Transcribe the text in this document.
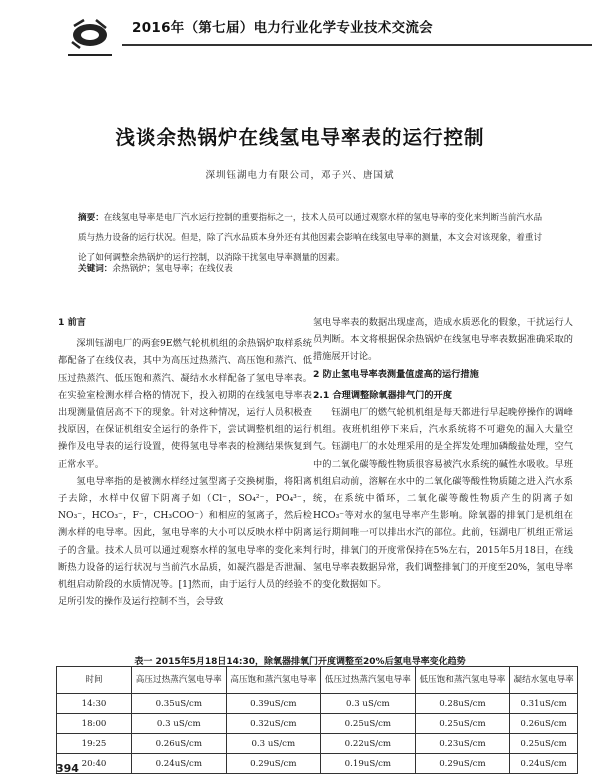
2016年（第七届）电力行业化学专业技术交流会
浅谈余热锅炉在线氢电导率表的运行控制
深圳钰湖电力有限公司，邓子兴、唐国斌
摘要：在线氢电导率是电厂汽水运行控制的重要指标之一，技术人员可以通过观察水样的氢电导率的变化来判断当前汽水品质与热力设备的运行状况。但是，除了汽水品质本身外还有其他因素会影响在线氢电导率的测量，本文会对该现象，着重讨论了如何调整余热锅炉的运行控制，以消除干扰氢电导率测量的因素。
关键词：余热锅炉；氢电导率；在线仪表
1 前言

深圳钰湖电厂的两套9E燃气轮机机组的余热锅炉取样系统都配备了在线仪表，其中为高压过热蒸汽、高压饱和蒸汽、低压过热蒸汽、低压饱和蒸汽、凝结水水样配备了氢电导率表。在实验室检测水样合格的情况下，投入初期的在线氢电导率表出现测量值居高不下的现象。针对这种情况，运行人员积极查找原因，在保证机组安全运行的条件下，尝试调整机组的运行操作及电导表的运行设置，使得氢电导率表的检测结果恢复到正常水平。

氢电导率指的是被测水样经过氢型离子交换树脂，将阳离子去除，水样中仅留下阴离子如（Cl⁻，SO₄²⁻，PO₄³⁻，NO₃⁻，HCO₃⁻，F⁻，CH₃COO⁻）和相应的氢离子，然后检测水样的电导率。因此，氢电导率的大小可以反映水样中阴离子的含量。技术人员可以通过观察水样的氢电导率的变化来判断热力设备的运行状况与当前汽水品质，如凝汽器是否泄漏、机组启动阶段的水质情况等。[1]然而，由于运行人员的经验不足所引发的操作及运行控制不当，会导致

氢电导率表的数据出现虚高，造成水质恶化的假象，干扰运行人员判断。本文将根据保余热锅炉在线氢电导率表数据准确采取的措施展开讨论。

2 防止氢电导率表测量值虚高的运行措施
2.1 合理调整除氧器排气门的开度

钰湖电厂的燃气轮机机组是每天都进行早起晚停操作的调峰机组。夜班机组停下来后，汽水系统将不可避免的漏入大量空气。钰湖电厂的水处理采用的是全挥发处理加磷酸盐处理，空气中的二氧化碳等酸性物质很容易被汽水系统的碱性水吸收。早班机组启动前，溶解在水中的二氧化碳等酸性物质随之进入汽水系统，在系统中循环，二氧化碳等酸性物质产生的阴离子如HCO₃⁻等对水的氢电导率产生影响。除氧器的排氧门是机组在运行期间唯一可以排出水汽的部位。此前，钰湖电厂机组正常运行时，排氧门的开度常保持在5%左右，2015年5月18日，在线氢电导率表数据异常，我们调整排氧门的开度至20%，氢电导率的变化数据如下。

表一 2015年5月18日14:30，除氧器排氧门开度调整至20%后氢电导率变化趋势
时间	高压过热蒸汽氢电导率	高压饱和蒸汽氢电导率	低压过热蒸汽氢电导率	低压饱和蒸汽氢电导率	凝结水氢电导率
14:30	0.35uS/cm	0.39uS/cm	0.3 uS/cm	0.28uS/cm	0.31uS/cm
18:00	0.3 uS/cm	0.32uS/cm	0.25uS/cm	0.25uS/cm	0.26uS/cm
19:25	0.26uS/cm	0.3 uS/cm	0.22uS/cm	0.23uS/cm	0.25uS/cm
20:40	0.24uS/cm	0.29uS/cm	0.19uS/cm	0.29uS/cm	0.24uS/cm
394
